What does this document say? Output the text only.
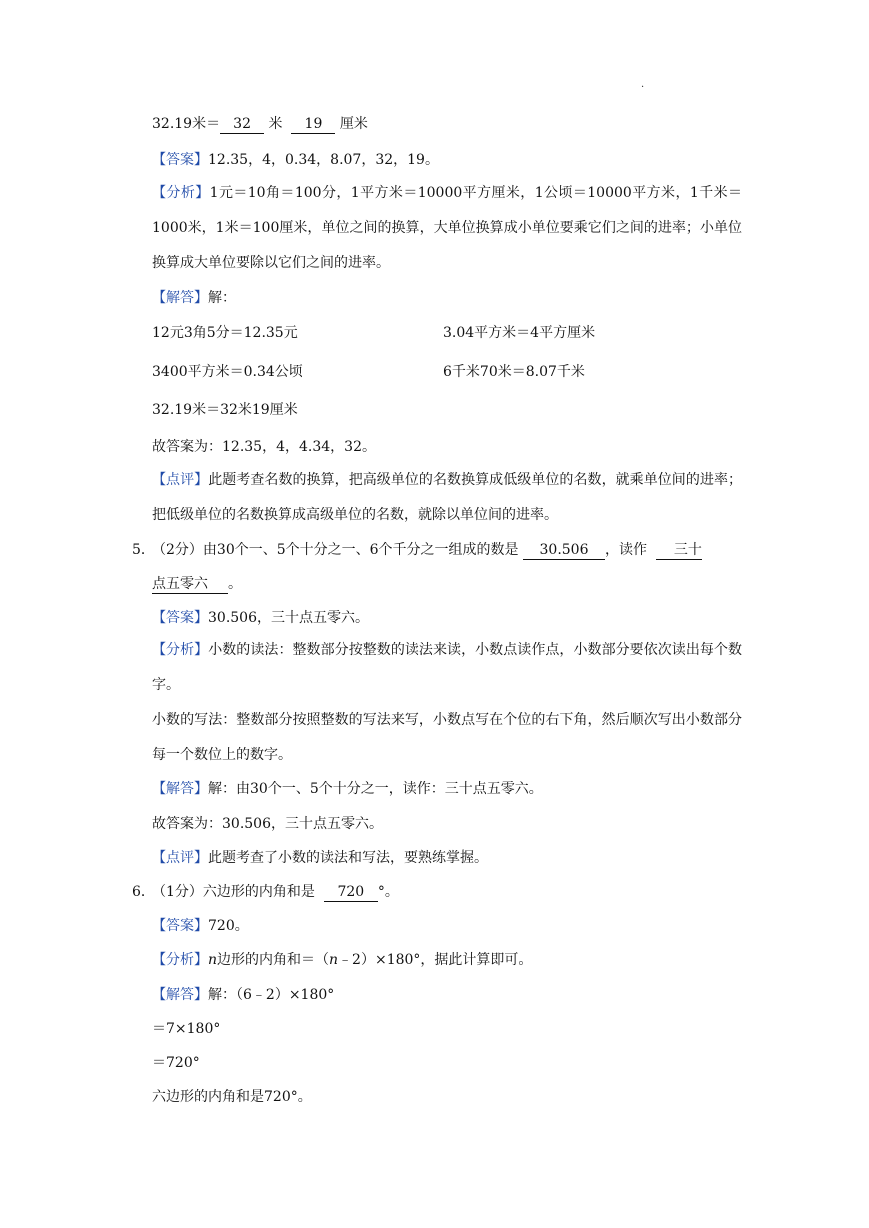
·
32.19米＝ 32 米 19 厘米
【答案】12.35，4，0.34，8.07，32，19。
【分析】1元＝10角＝100分，1平方米＝10000平方厘米，1公顷＝10000平方米，1千米＝1000米，1米＝100厘米，单位之间的换算，大单位换算成小单位要乘它们之间的进率；小单位换算成大单位要除以它们之间的进率。
【解答】解：
12元3角5分＝12.35元	3.04平方米＝4平方厘米
3400平方米＝0.34公顷	6千米70米＝8.07千米
32.19米＝32米19厘米
故答案为：12.35，4，4.34，32。
【点评】此题考查名数的换算，把高级单位的名数换算成低级单位的名数，就乘单位间的进率；把低级单位的名数换算成高级单位的名数，就除以单位间的进率。
5．
（2分）由30个一、5个十分之一、6个千分之一组成的数是 30.506 ，读作 三十
点五零六 。
【答案】30.506，三十点五零六。
【分析】小数的读法：整数部分按整数的读法来读，小数点读作点，小数部分要依次读出每个数字。
小数的写法：整数部分按照整数的写法来写，小数点写在个位的右下角，然后顺次写出小数部分每一个数位上的数字。
【解答】解：由30个一、5个十分之一，读作：三十点五零六。
故答案为：30.506，三十点五零六。
【点评】此题考查了小数的读法和写法，要熟练掌握。
6．
（1分）六边形的内角和是 720 °。
【答案】720。
【分析】n边形的内角和＝（n﹣2）×180°，据此计算即可。
【解答】解：（6﹣2）×180°
＝7×180°
＝720°
六边形的内角和是720°。
